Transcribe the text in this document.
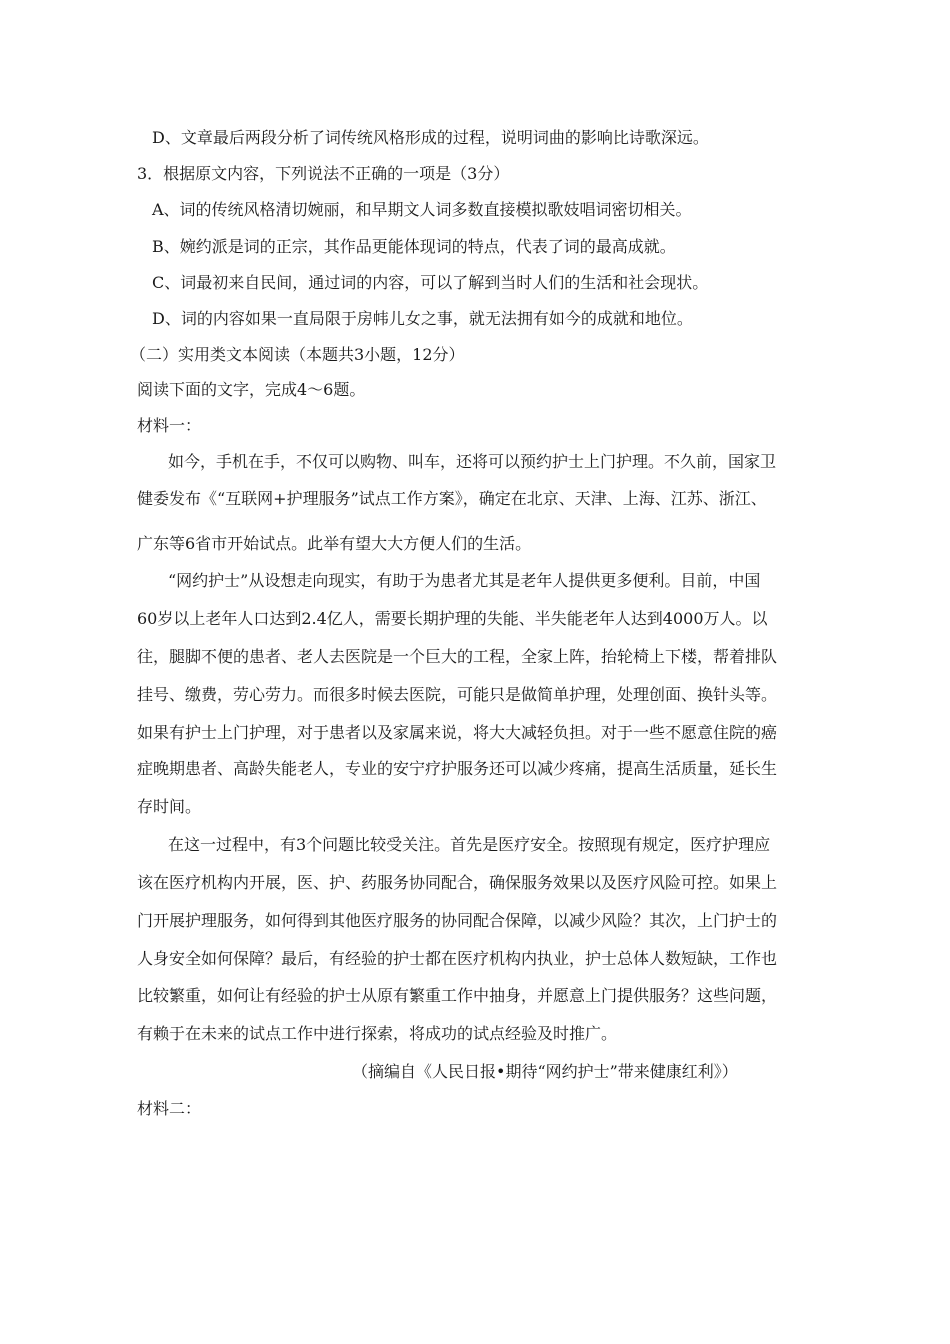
D、文章最后两段分析了词传统风格形成的过程，说明词曲的影响比诗歌深远。
3．根据原文内容，下列说法不正确的一项是（3分）
A、词的传统风格清切婉丽，和早期文人词多数直接模拟歌妓唱词密切相关。
B、婉约派是词的正宗，其作品更能体现词的特点，代表了词的最高成就。
C、词最初来自民间，通过词的内容，可以了解到当时人们的生活和社会现状。
D、词的内容如果一直局限于房帏儿女之事，就无法拥有如今的成就和地位。
（二）实用类文本阅读（本题共3小题，12分）
阅读下面的文字，完成4～6题。
材料一：
如今，手机在手，不仅可以购物、叫车，还将可以预约护士上门护理。不久前，国家卫
健委发布《“互联网+护理服务”试点工作方案》，确定在北京、天津、上海、江苏、浙江、
广东等6省市开始试点。此举有望大大方便人们的生活。
“网约护士”从设想走向现实，有助于为患者尤其是老年人提供更多便利。目前，中国
60岁以上老年人口达到2.4亿人，需要长期护理的失能、半失能老年人达到4000万人。以
往，腿脚不便的患者、老人去医院是一个巨大的工程，全家上阵，抬轮椅上下楼，帮着排队
挂号、缴费，劳心劳力。而很多时候去医院，可能只是做简单护理，处理创面、换针头等。
如果有护士上门护理，对于患者以及家属来说，将大大减轻负担。对于一些不愿意住院的癌
症晚期患者、高龄失能老人，专业的安宁疗护服务还可以减少疼痛，提高生活质量，延长生
存时间。
在这一过程中，有3个问题比较受关注。首先是医疗安全。按照现有规定，医疗护理应
该在医疗机构内开展，医、护、药服务协同配合，确保服务效果以及医疗风险可控。如果上
门开展护理服务，如何得到其他医疗服务的协同配合保障，以减少风险？其次，上门护士的
人身安全如何保障？最后，有经验的护士都在医疗机构内执业，护士总体人数短缺，工作也
比较繁重，如何让有经验的护士从原有繁重工作中抽身，并愿意上门提供服务？这些问题，
有赖于在未来的试点工作中进行探索，将成功的试点经验及时推广。
（摘编自《人民日报•期待“网约护士”带来健康红利》）
材料二：
